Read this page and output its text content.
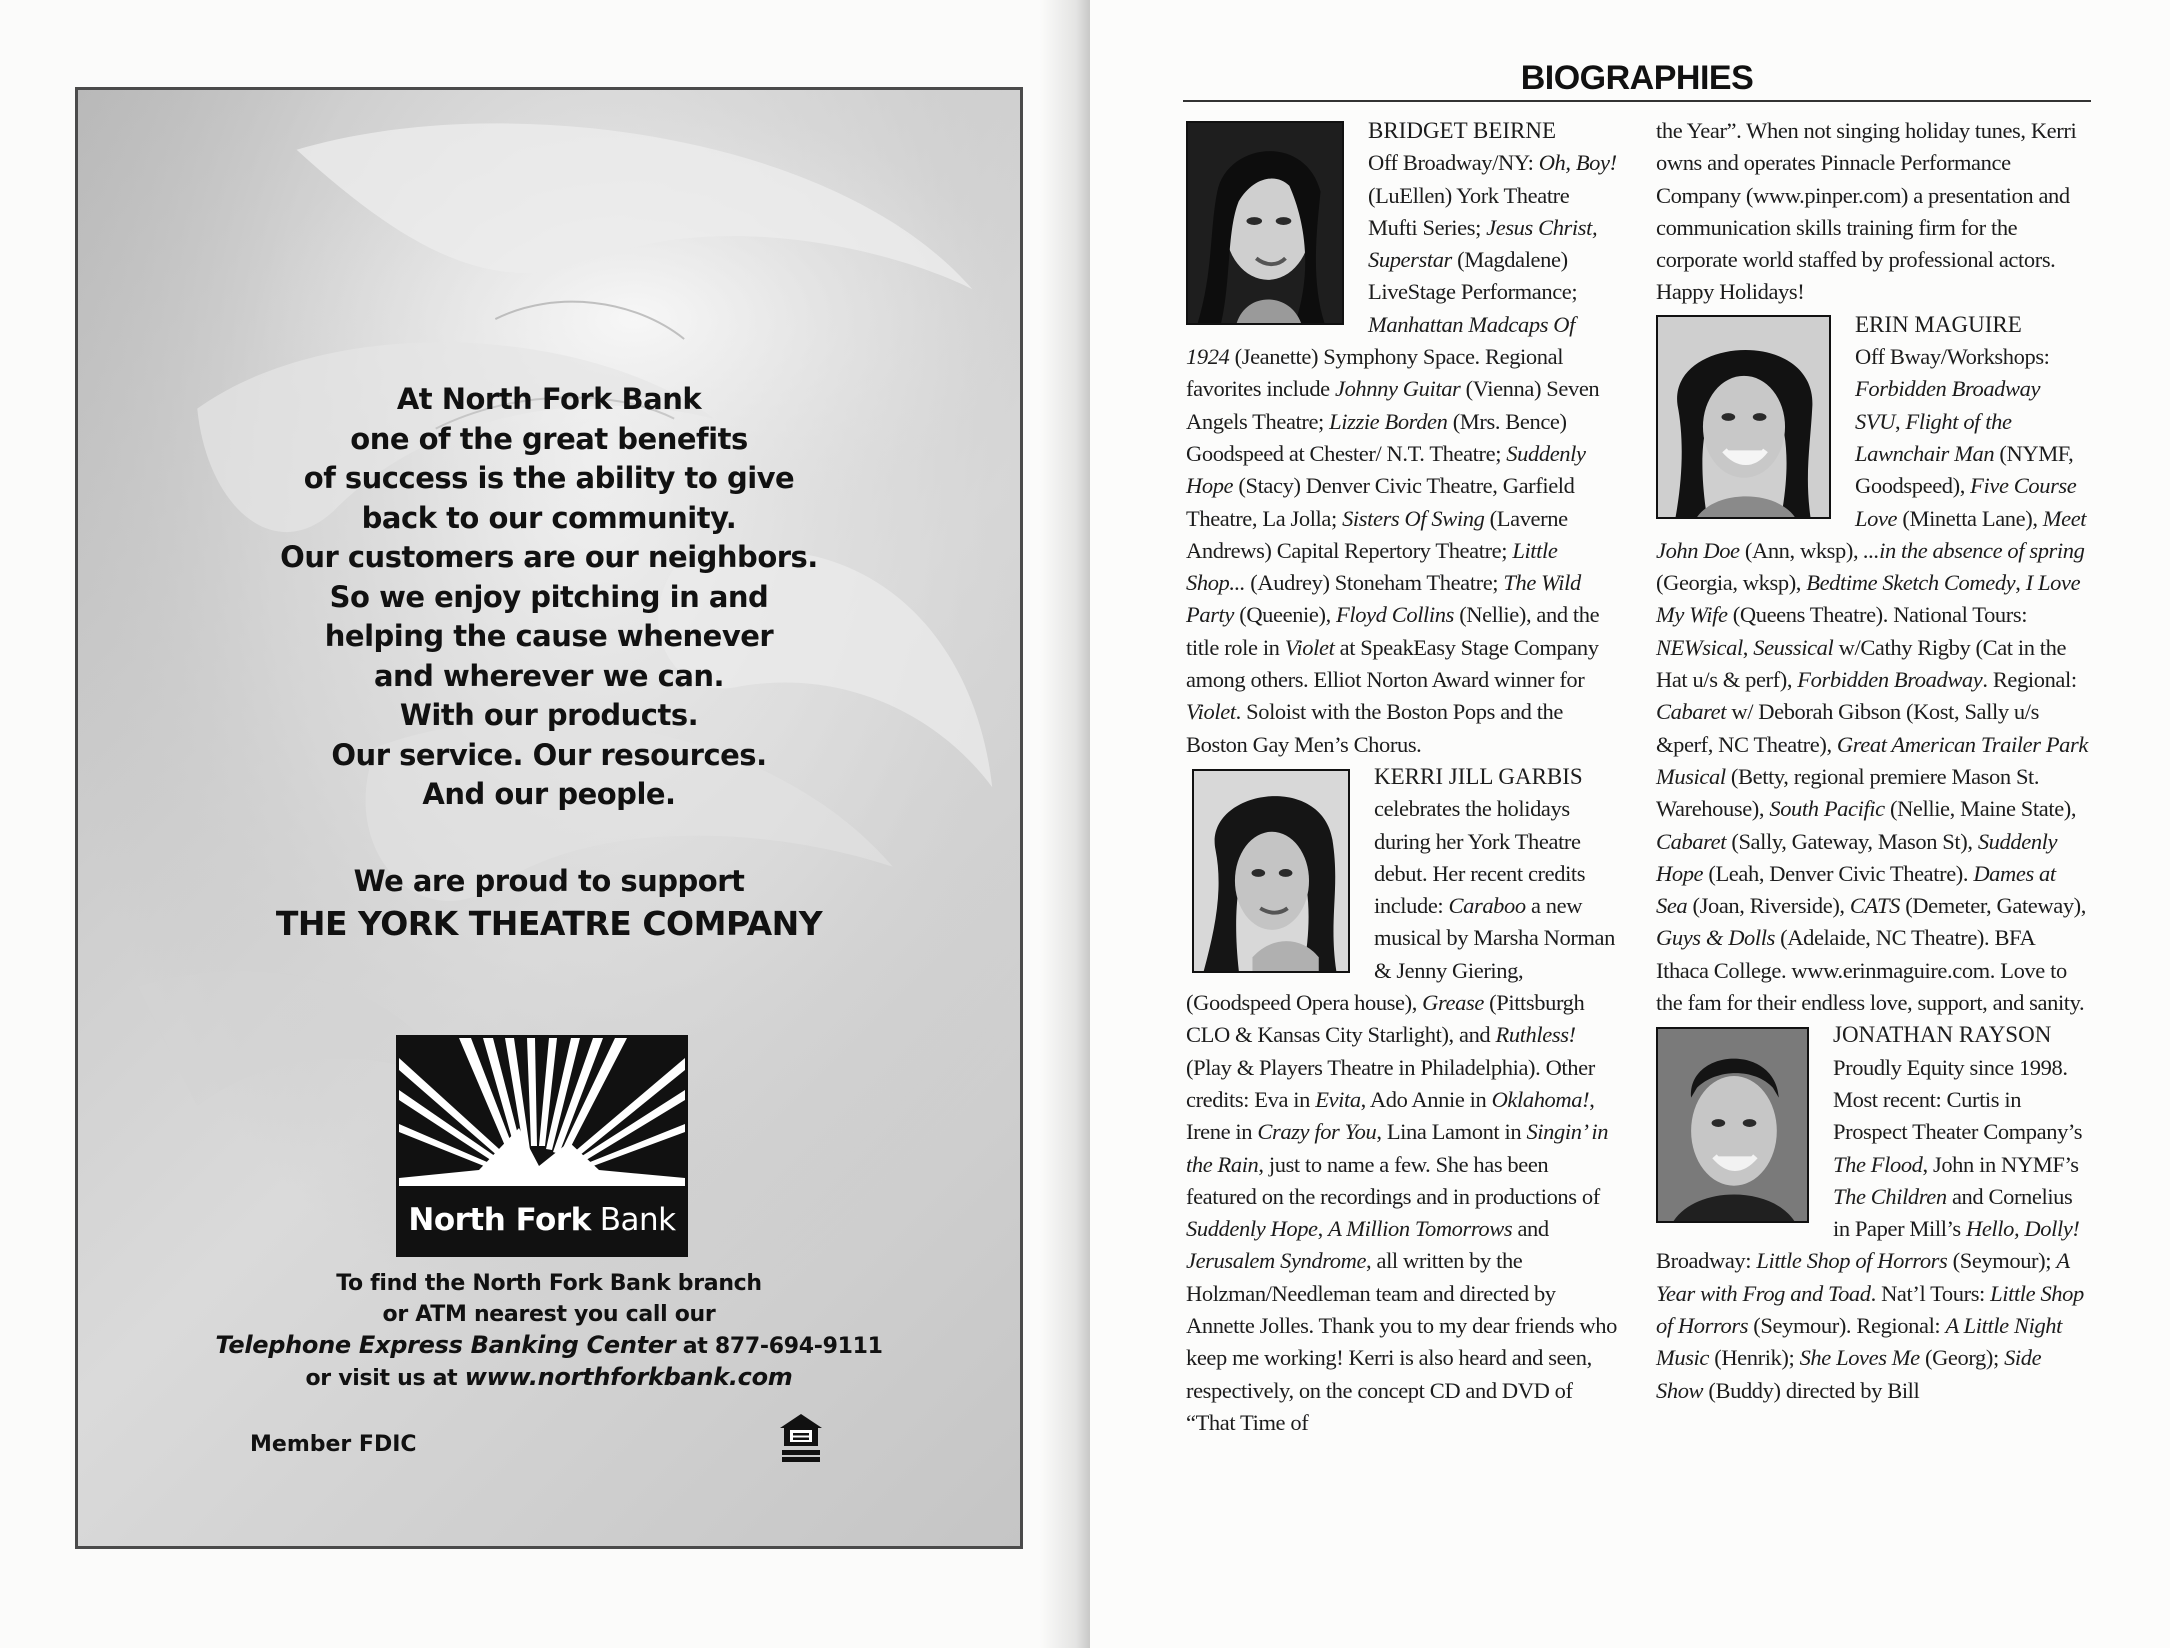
At North Fork Bank
one of the great benefits
of success is the ability to give
back to our community.
Our customers are our neighbors.
So we enjoy pitching in and
helping the cause whenever
and wherever we can.
With our products.
Our service. Our resources.
And our people.
We are proud to support
THE YORK THEATRE COMPANY
North Fork Bank
To find the North Fork Bank branch
or ATM nearest you call our
Telephone Express Banking Center at 877-694-9111
or visit us at www.northforkbank.com
Member FDIC
BIOGRAPHIES
BRIDGET BEIRNE
Off Broadway/NY: Oh, Boy! (LuEllen) York Theatre Mufti Series; Jesus Christ, Superstar (Magdalene) LiveStage Performance; Manhattan Madcaps Of 1924 (Jeanette) Symphony Space. Regional favorites include Johnny Guitar (Vienna) Seven Angels Theatre; Lizzie Borden (Mrs. Bence) Goodspeed at Chester/ N.T. Theatre; Suddenly Hope (Stacy) Denver Civic Theatre, Garfield Theatre, La Jolla; Sisters Of Swing (Laverne Andrews) Capital Repertory Theatre; Little Shop... (Audrey) Stoneham Theatre; The Wild Party (Queenie), Floyd Collins (Nellie), and the title role in Violet at SpeakEasy Stage Company among others. Elliot Norton Award winner for Violet. Soloist with the Boston Pops and the Boston Gay Men’s Chorus.
KERRI JILL GARBIS
celebrates the holidays during her York Theatre debut. Her recent credits include: Caraboo a new musical by Marsha Norman & Jenny Giering, (Goodspeed Opera house), Grease (Pittsburgh CLO & Kansas City Starlight), and Ruthless! (Play & Players Theatre in Philadelphia). Other credits: Eva in Evita, Ado Annie in Oklahoma!, Irene in Crazy for You, Lina Lamont in Singin’ in the Rain, just to name a few. She has been featured on the recordings and in productions of Suddenly Hope, A Million Tomorrows and Jerusalem Syndrome, all written by the Holzman/Needleman team and directed by Annette Jolles. Thank you to my dear friends who keep me working! Kerri is also heard and seen, respectively, on the concept CD and DVD of “That Time of
the Year”. When not singing holiday tunes, Kerri owns and operates Pinnacle Performance Company (www.pinper.com) a presentation and communication skills training firm for the corporate world staffed by professional actors. Happy Holidays!
ERIN MAGUIRE
Off Bway/Workshops: Forbidden Broadway SVU, Flight of the Lawnchair Man (NYMF, Goodspeed), Five Course Love (Minetta Lane), Meet John Doe (Ann, wksp), ...in the absence of spring (Georgia, wksp), Bedtime Sketch Comedy, I Love My Wife (Queens Theatre). National Tours: NEWsical, Seussical w/Cathy Rigby (Cat in the Hat u/s & perf), Forbidden Broadway. Regional: Cabaret w/ Deborah Gibson (Kost, Sally u/s &perf, NC Theatre), Great American Trailer Park Musical (Betty, regional premiere Mason St. Warehouse), South Pacific (Nellie, Maine State), Cabaret (Sally, Gateway, Mason St), Suddenly Hope (Leah, Denver Civic Theatre). Dames at Sea (Joan, Riverside), CATS (Demeter, Gateway), Guys & Dolls (Adelaide, NC Theatre). BFA Ithaca College. www.erinmaguire.com. Love to the fam for their endless love, support, and sanity.
JONATHAN RAYSON
Proudly Equity since 1998. Most recent: Curtis in Prospect Theater Company’s The Flood, John in NYMF’s The Children and Cornelius in Paper Mill’s Hello, Dolly! Broadway: Little Shop of Horrors (Seymour); A Year with Frog and Toad. Nat’l Tours: Little Shop of Horrors (Seymour). Regional: A Little Night Music (Henrik); She Loves Me (Georg); Side Show (Buddy) directed by Bill
